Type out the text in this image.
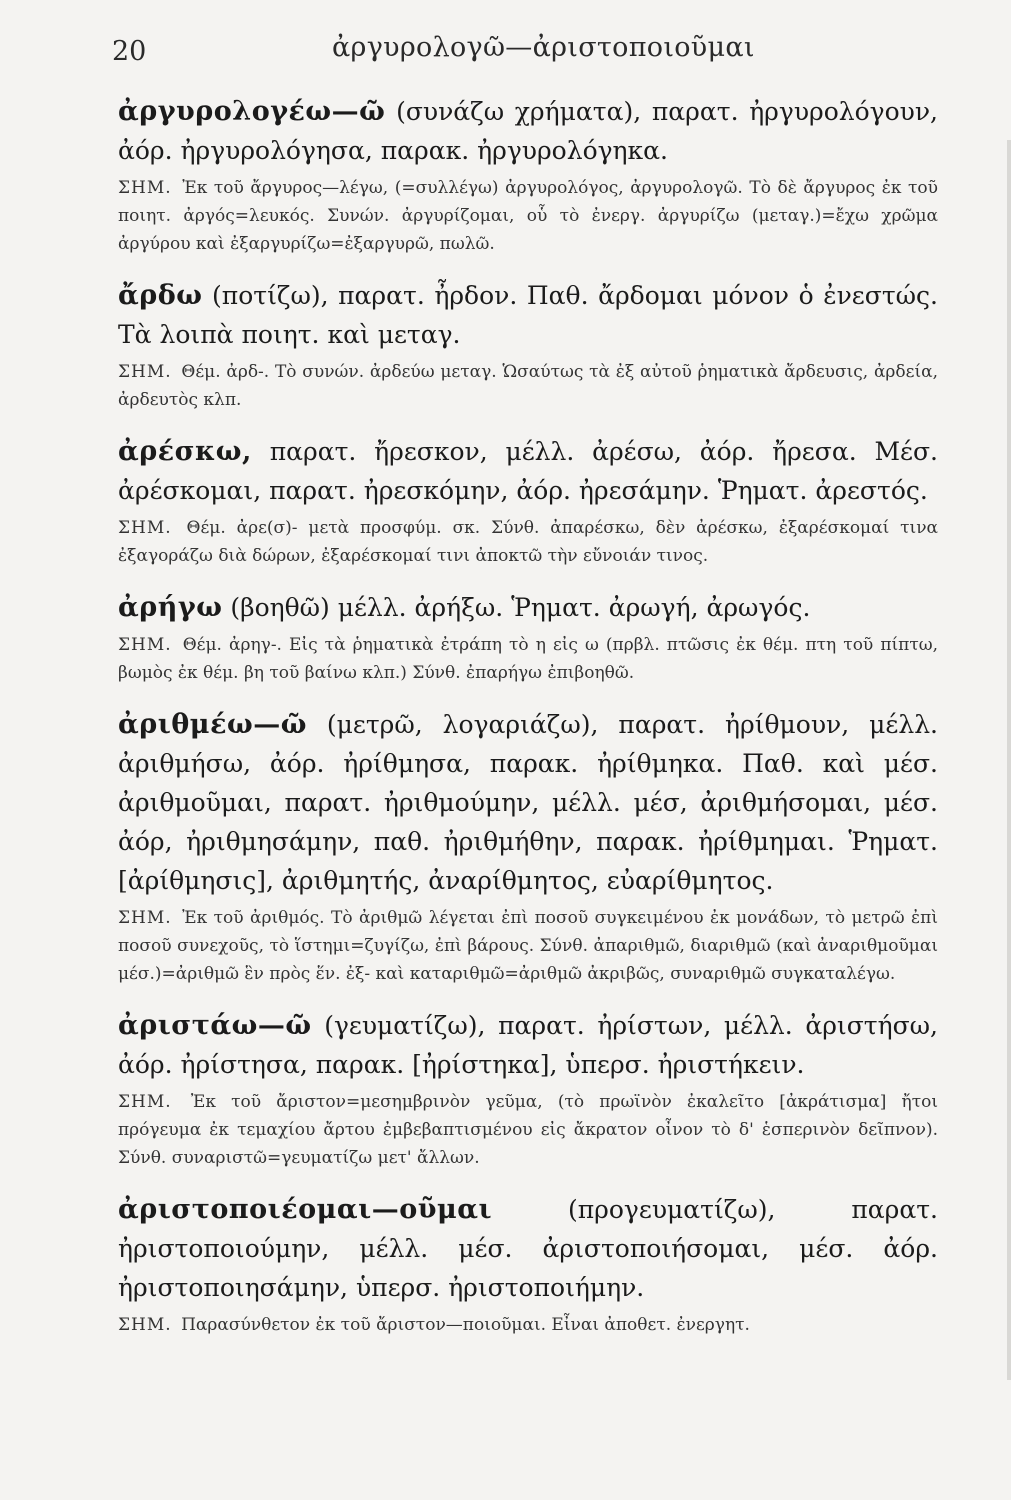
20	ἀργυρολογῶ—ἀριστοποιοῦμαι

ἀργυρολογέω—ῶ (συνάζω χρήματα), παρατ. ἠργυρολόγουν, ἀόρ. ἠργυρολόγησα, παρακ. ἠργυρολόγηκα.

ΣΗΜ. Ἐκ τοῦ ἄργυρος—λέγω, (=συλλέγω) ἀργυρολόγος, ἀργυρολογῶ. Τὸ δὲ ἄργυρος ἐκ τοῦ ποιητ. ἀργός=λευκός. Συνών. ἀργυρίζομαι, οὗ τὸ ἐνεργ. ἀργυρίζω (μεταγ.)=ἔχω χρῶμα ἀργύρου καὶ ἐξαργυρίζω=ἐξαργυρῶ, πωλῶ.

ἄρδω (ποτίζω), παρατ. ἦρδον. Παθ. ἄρδομαι μόνον ὁ ἐνεστώς. Τὰ λοιπὰ ποιητ. καὶ μεταγ.

ΣΗΜ. Θέμ. ἀρδ-. Τὸ συνών. ἀρδεύω μεταγ. Ὡσαύτως τὰ ἐξ αὐτοῦ ῥηματικὰ ἄρδευσις, ἀρδεία, ἀρδευτὸς κλπ.

ἀρέσκω, παρατ. ἤρεσκον, μέλλ. ἀρέσω, ἀόρ. ἤρεσα. Μέσ. ἀρέσκομαι, παρατ. ἠρεσκόμην, ἀόρ. ἠρεσάμην. Ῥηματ. ἀρεστός.

ΣΗΜ. Θέμ. ἀρε(σ)- μετὰ προσφύμ. σκ. Σύνθ. ἀπαρέσκω, δὲν ἀρέσκω, ἐξαρέσκομαί τινα ἐξαγοράζω διὰ δώρων, ἐξαρέσκομαί τινι ἀποκτῶ τὴν εὔνοιάν τινος.

ἀρήγω (βοηθῶ) μέλλ. ἀρήξω. Ῥηματ. ἀρωγή, ἀρωγός.

ΣΗΜ. Θέμ. ἀρηγ-. Εἰς τὰ ῥηματικὰ ἐτράπη τὸ η εἰς ω (πρβλ. πτῶσις ἐκ θέμ. πτη τοῦ πίπτω, βωμὸς ἐκ θέμ. βη τοῦ βαίνω κλπ.) Σύνθ. ἐπαρήγω ἐπιβοηθῶ.

ἀριθμέω—ῶ (μετρῶ, λογαριάζω), παρατ. ἠρίθμουν, μέλλ. ἀριθμήσω, ἀόρ. ἠρίθμησα, παρακ. ἠρίθμηκα. Παθ. καὶ μέσ. ἀριθμοῦμαι, παρατ. ἠριθμούμην, μέλλ. μέσ, ἀριθμήσομαι, μέσ. ἀόρ, ἠριθμησάμην, παθ. ἠριθμήθην, παρακ. ἠρίθμημαι. Ῥηματ. [ἀρίθμησις], ἀριθμητής, ἀναρίθμητος, εὐαρίθμητος.

ΣΗΜ. Ἐκ τοῦ ἀριθμός. Τὸ ἀριθμῶ λέγεται ἐπὶ ποσοῦ συγκειμένου ἐκ μονάδων, τὸ μετρῶ ἐπὶ ποσοῦ συνεχοῦς, τὸ ἵστημι=ζυγίζω, ἐπὶ βάρους. Σύνθ. ἀπαριθμῶ, διαριθμῶ (καὶ ἀναριθμοῦμαι μέσ.)=ἀριθμῶ ἓν πρὸς ἕν. ἐξ- καὶ καταριθμῶ=ἀριθμῶ ἀκριβῶς, συναριθμῶ συγκαταλέγω.

ἀριστάω—ῶ (γευματίζω), παρατ. ἠρίστων, μέλλ. ἀριστήσω, ἀόρ. ἠρίστησα, παρακ. [ἠρίστηκα], ὑπερσ. ἠριστήκειν.

ΣΗΜ. Ἐκ τοῦ ἄριστον=μεσημβρινὸν γεῦμα, (τὸ πρωϊνὸν ἐκαλεῖτο [ἀκράτισμα] ἤτοι πρόγευμα ἐκ τεμαχίου ἄρτου ἐμβεβαπτισμένου εἰς ἄκρατον οἶνον τὸ δ' ἑσπερινὸν δεῖπνον). Σύνθ. συναριστῶ=γευματίζω μετ' ἄλλων.

ἀριστοποιέομαι—οῦμαι	(προγευματίζω), παρατ. ἠριστοποιούμην, μέλλ. μέσ. ἀριστοποιήσομαι, μέσ. ἀόρ. ἠριστοποιησάμην, ὑπερσ. ἠριστοποιήμην.

ΣΗΜ. Παρασύνθετον ἐκ τοῦ ἄριστον—ποιοῦμαι. Εἶναι ἀποθετ. ἐνεργητ.
